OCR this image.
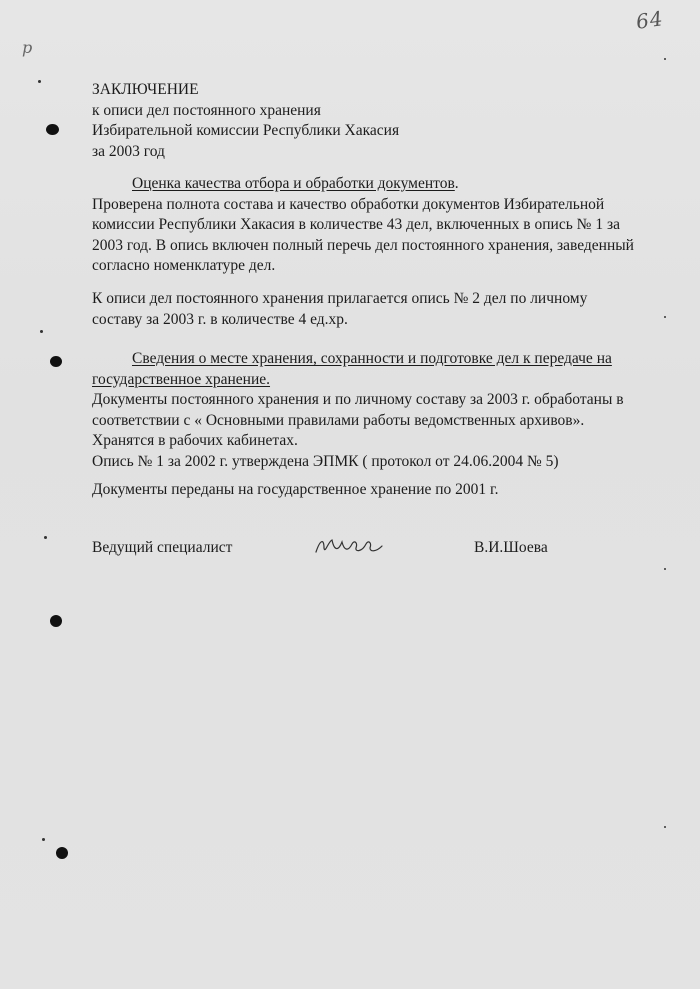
64
р

ЗАКЛЮЧЕНИЕ

к описи дел постоянного хранения

Избирательной комиссии Республики Хакасия

за 2003 год

Оценка качества отбора и обработки документов.

Проверена полнота состава и качество обработки документов Избирательной

комиссии Республики Хакасия в количестве 43 дел, включенных в опись № 1 за

2003 год. В опись включен полный перечь дел постоянного хранения, заведенный

согласно номенклатуре дел.

К описи дел постоянного хранения прилагается опись № 2 дел по личному

составу за 2003 г. в количестве 4 ед.хр.

Сведения о месте хранения, сохранности и подготовке дел к передаче на

государственное хранение.

Документы постоянного хранения и по личному составу за 2003 г. обработаны в

соответствии с « Основными правилами работы ведомственных архивов».

Хранятся в рабочих кабинетах.

Опись № 1 за 2002 г. утверждена ЭПМК ( протокол от 24.06.2004 № 5)

Документы переданы на государственное хранение по 2001 г.

Ведущий специалист	В.И.Шоева
